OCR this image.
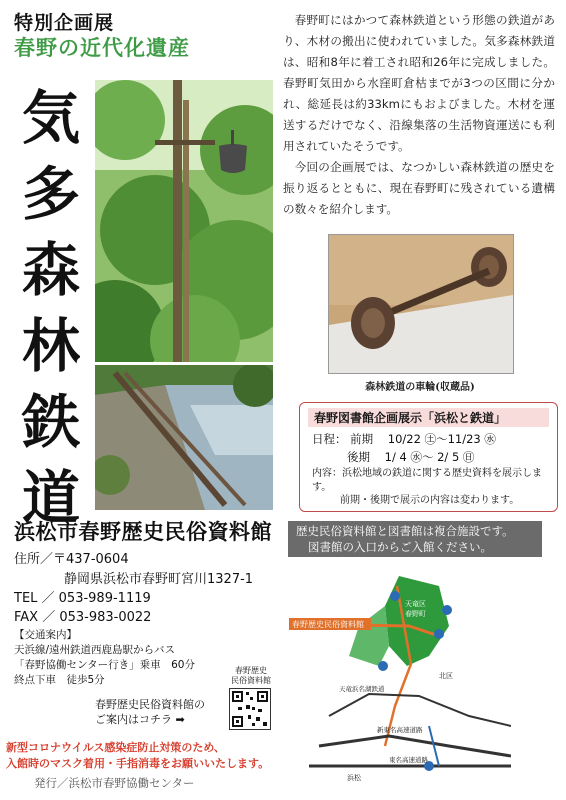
特別企画展
春野の近代化遺産
気
多
森
林
鉄
道

春野町にはかつて森林鉄道という形態の鉄道があり、木材の搬出に使われていました。気多森林鉄道は、昭和8年に着工され昭和26年に完成しました。春野町気田から水窪町倉枯までが3つの区間に分かれ、総延長は約33kmにもおよびました。木材を運送するだけでなく、沿線集落の生活物資運送にも利用されていたそうです。

今回の企画展では、なつかしい森林鉄道の歴史を振り返るとともに、現在春野町に残されている遺構の数々を紹介します。

森林鉄道の車輪(収蔵品)
春野図書館企画展示「浜松と鉄道」
日程： 前期 10/22 ㊏～11/23 ㊌
後期 1/ 4 ㊌～ 2/ 5 ㊐
内容：浜松地域の鉄道に関する歴史資料を展示します。
前期・後期で展示の内容は変わります。
歴史民俗資料館と図書館は複合施設です。
図書館の入口からご入館ください。
浜松市春野歴史民俗資料館
住所／〒437-0604
静岡県浜松市春野町宮川1327-1
TEL ／ 053-989-1119
FAX ／ 053-983-0022
【交通案内】
天浜線/遠州鉄道西鹿島駅からバス
「春野協働センター行き」乗車　60分
終点下車　徒歩5分
春野歴史民俗資料館の
ご案内はコチラ ➡
春野歴史
民俗資料館
新型コロナウイルス感染症防止対策のため、
入館時のマスク着用・手指消毒をお願いいたします。
発行／浜松市春野協働センター
春野歴史民俗資料館
天竜区
春野町
天竜浜名湖鉄道
新東名高速道路
東名高速道路
北区
浜松
